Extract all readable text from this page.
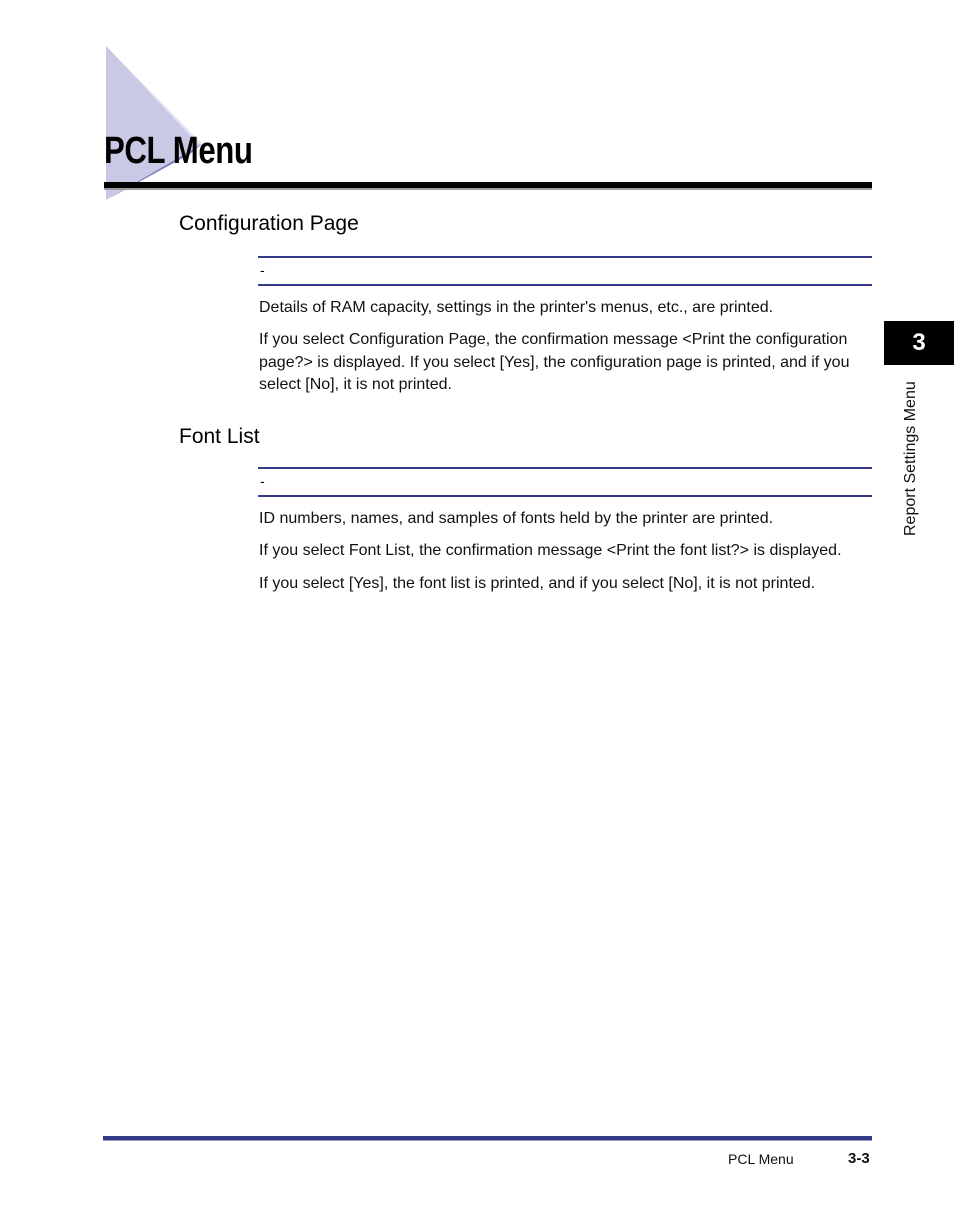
PCL Menu
Configuration Page
-

Details of RAM capacity, settings in the printer's menus, etc., are printed.

If you select Configuration Page, the confirmation message <Print the configuration page?> is displayed. If you select [Yes], the configuration page is printed, and if you select [No], it is not printed.

Font List
-

ID numbers, names, and samples of fonts held by the printer are printed.

If you select Font List, the confirmation message <Print the font list?> is displayed.

If you select [Yes], the font list is printed, and if you select [No], it is not printed.

3
Report Settings Menu
PCL Menu	3-3
